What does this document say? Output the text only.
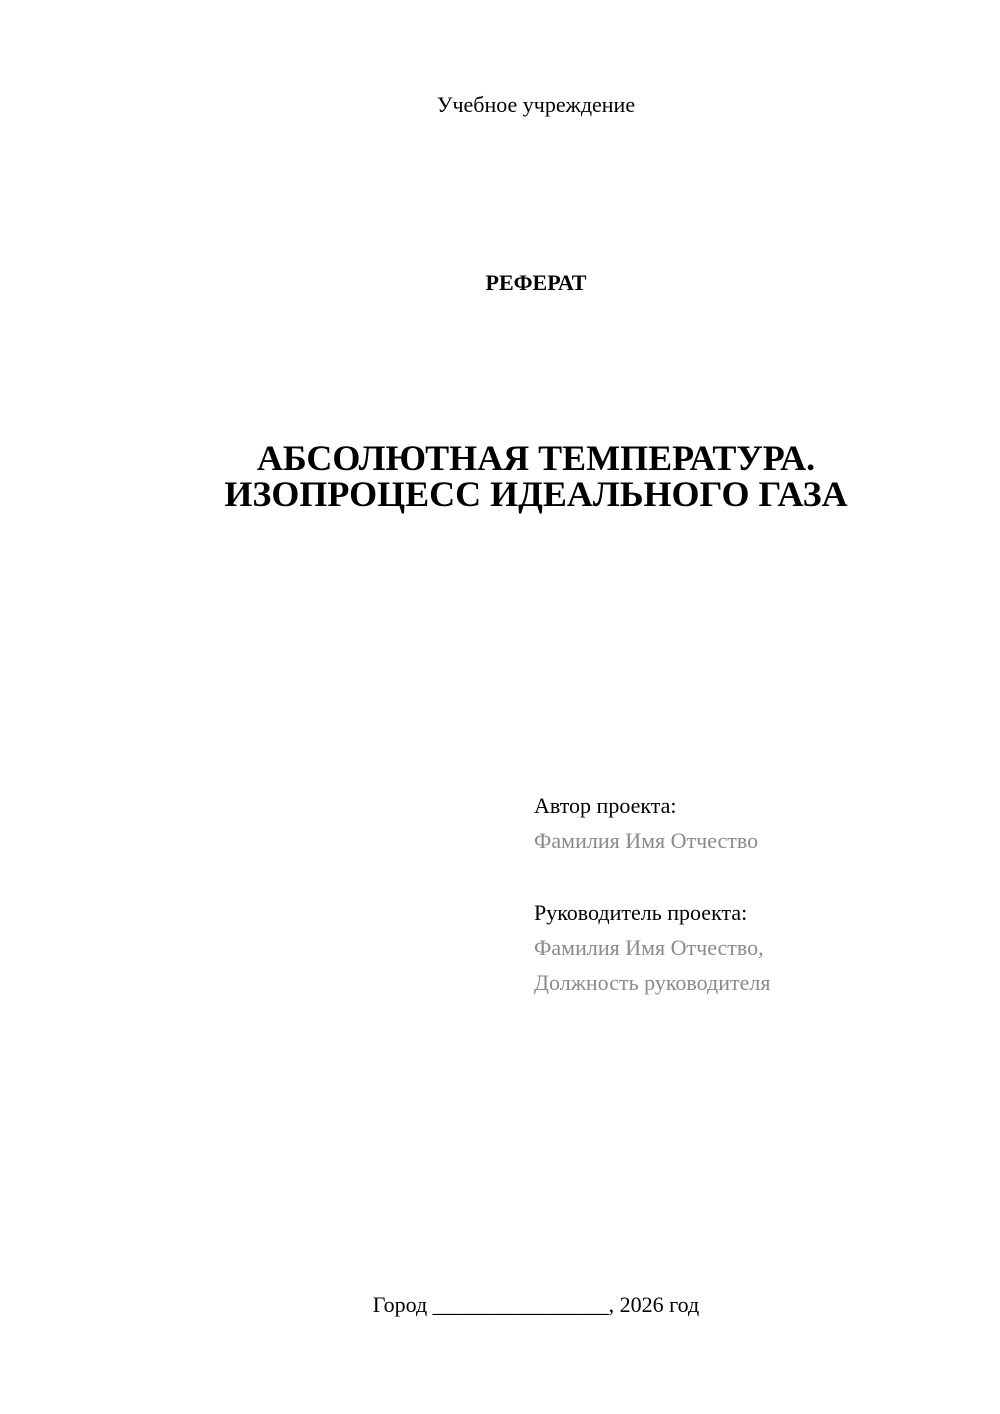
Учебное учреждение
РЕФЕРАТ
АБСОЛЮТНАЯ ТЕМПЕРАТУРА.
ИЗОПРОЦЕСС ИДЕАЛЬНОГО ГАЗА
Автор проекта:
Фамилия Имя Отчество
Руководитель проекта:
Фамилия Имя Отчество,
Должность руководителя
Город ________________, 2026 год
